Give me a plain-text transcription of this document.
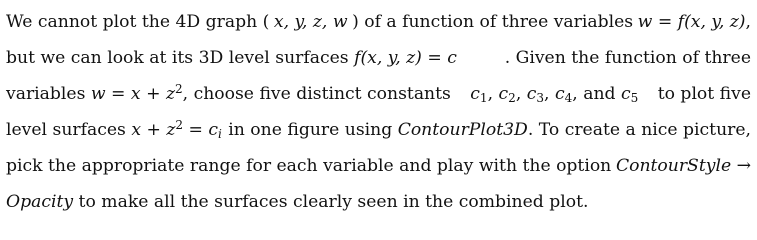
We cannot plot the 4D graph ( x, y, z, w ) of a function of three variables w = f(x, y, z),
but we can look at its 3D level surfaces f(x, y, z) = c	. Given the function of three
variables $w = x + z^2$, choose five distinct constants $c_1$, $c_2$, $c_3$, $c_4$, and $c_5$ to plot five
level surfaces $x + z^2 = c_i$ in one figure using ContourPlot3D. To create a nice picture,
pick the appropriate range for each variable and play with the option ContourStyle →
Opacity to make all the surfaces clearly seen in the combined plot.
